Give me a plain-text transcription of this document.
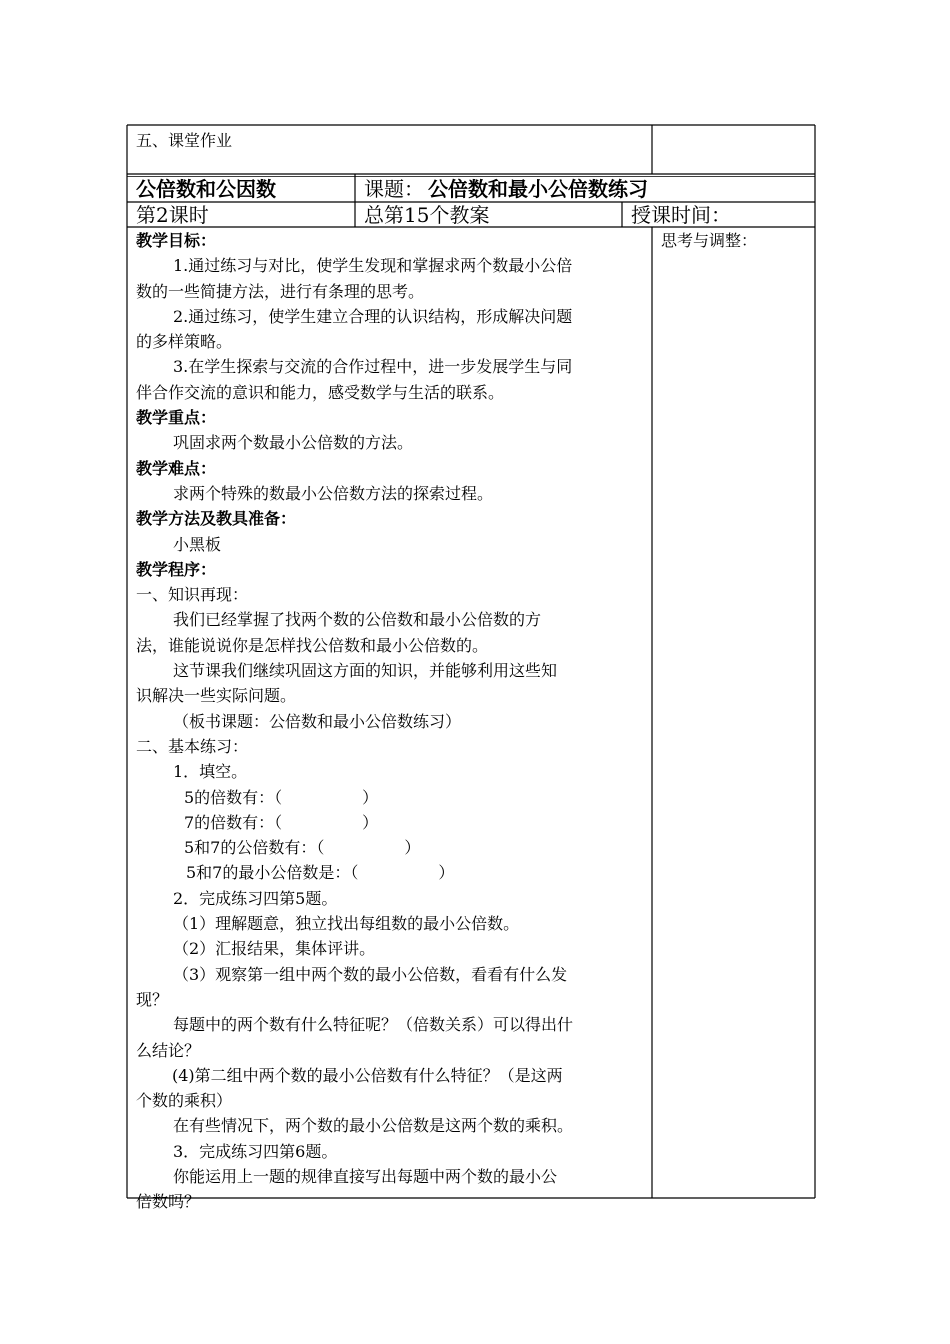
五、课堂作业
公倍数和公因数	课题： 公倍数和最小公倍数练习
第2课时	总第15个教案	授课时间：
思考与调整：
教学目标：
1.通过练习与对比，使学生发现和掌握求两个数最小公倍
数的一些简捷方法，进行有条理的思考。
2.通过练习，使学生建立合理的认识结构，形成解决问题
的多样策略。
3.在学生探索与交流的合作过程中，进一步发展学生与同
伴合作交流的意识和能力，感受数学与生活的联系。
教学重点：
巩固求两个数最小公倍数的方法。
教学难点：
求两个特殊的数最小公倍数方法的探索过程。
教学方法及教具准备：
小黑板
教学程序：
一、知识再现：
我们已经掌握了找两个数的公倍数和最小公倍数的方
法，谁能说说你是怎样找公倍数和最小公倍数的。
这节课我们继续巩固这方面的知识，并能够利用这些知
识解决一些实际问题。
（板书课题：公倍数和最小公倍数练习）
二、基本练习：
1．填空。
5的倍数有：（　　　　　）
7的倍数有：（　　　　　）
5和7的公倍数有：（　　　　　）
5和7的最小公倍数是：（　　　　　）
2．完成练习四第5题。
（1）理解题意，独立找出每组数的最小公倍数。
（2）汇报结果，集体评讲。
（3）观察第一组中两个数的最小公倍数，看看有什么发
现？
每题中的两个数有什么特征呢？（倍数关系）可以得出什
么结论？
(4)第二组中两个数的最小公倍数有什么特征？（是这两
个数的乘积）
在有些情况下，两个数的最小公倍数是这两个数的乘积。
3．完成练习四第6题。
你能运用上一题的规律直接写出每题中两个数的最小公
倍数吗？
